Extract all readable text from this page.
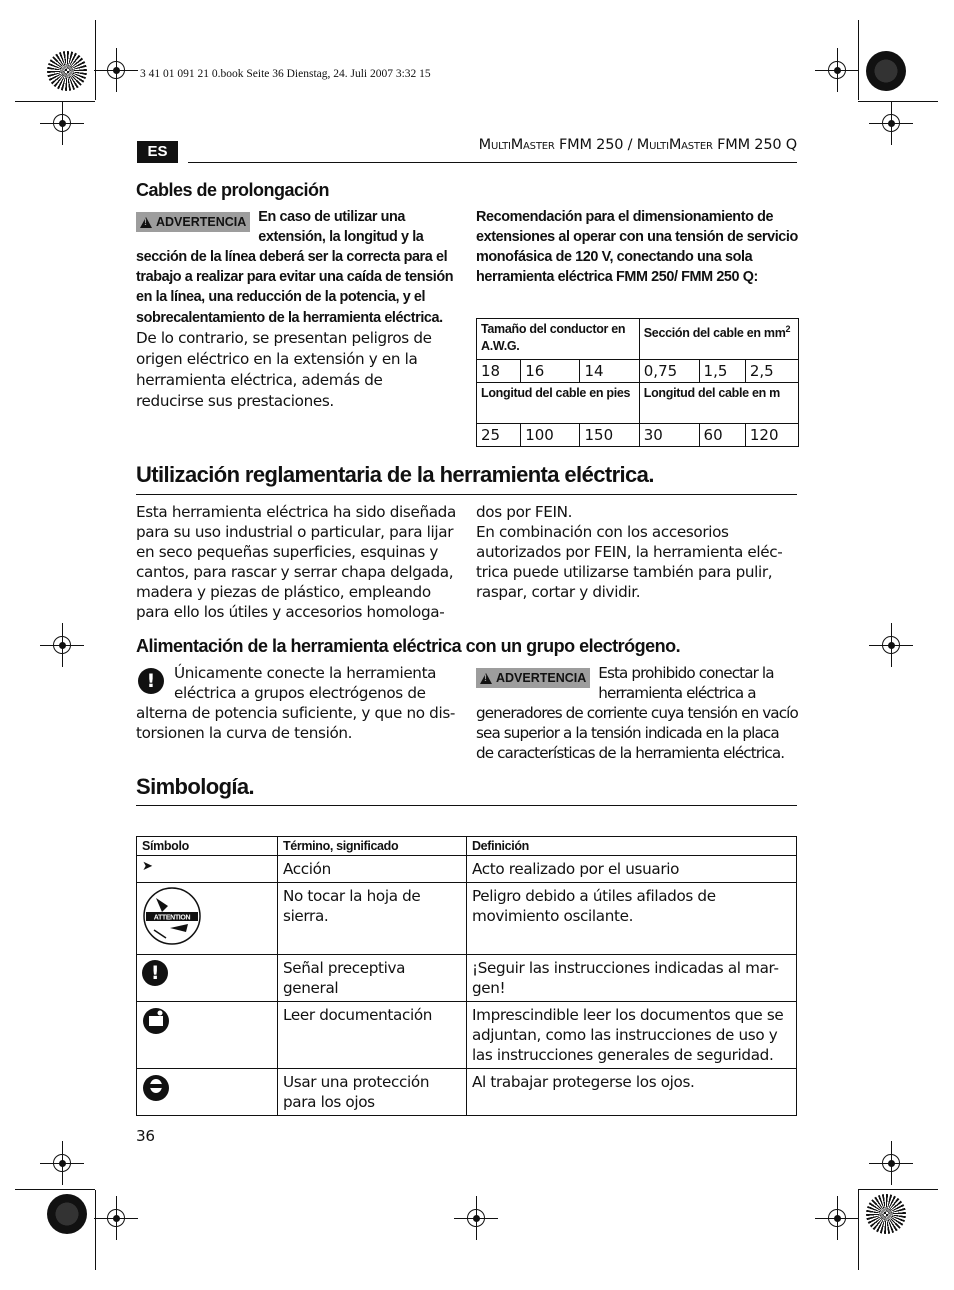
3 41 01 091 21 0.book Seite 36 Dienstag, 24. Juli 2007 3:32 15
ES	MultiMaster FMM 250 / MultiMaster FMM 250 Q
Cables de prolongación
!
ADVERTENCIA En caso de utilizar una extensión, la longitud y la sección de la línea deberá ser la correcta para el trabajo a realizar para evitar una caída de tensión en la línea, una reducción de la potencia, y el sobrecalentamiento de la herramienta eléctrica. De lo contrario, se presentan peligros de origen eléctrico en la extensión y en la herramienta eléctrica, además de reducirse sus prestaciones.
Recomendación para el dimensionamiento de extensiones al operar con una tensión de servicio monofásica de 120 V, conectando una sola herramienta eléctrica FMM 250/ FMM 250 Q:
Tamaño del conductor en A.W.G.			Sección del cable en $mm^2$
18	16	14	0,75	1,5	2,5
Longitud del cable en pies			Longitud del cable en m		
25	100	150	30	60	120
Utilización reglamentaria de la herramienta eléctrica.
Esta herramienta eléctrica ha sido diseñada para su uso industrial o particular, para lijar en seco pequeñas superficies, esquinas y cantos, para rascar y serrar chapa delgada, madera y piezas de plástico, empleando para ello los útiles y accesorios homologa-
dos por FEIN.
En combinación con los accesorios autorizados por FEIN, la herramienta eléc- trica puede utilizarse también para pulir, raspar, cortar y dividir.
Alimentación de la herramienta eléctrica con un grupo electrógeno.
!	Únicamente conecte la herramienta eléctrica a grupos electrógenos de alterna de potencia suficiente, y que no dis- torsionen la curva de tensión.
!
ADVERTENCIA Esta prohibido conectar la herramienta eléctrica a generadores de corriente cuya tensión en vacío sea superior a la tensión indicada en la placa de características de la herramienta eléctrica.
Simbología.
Símbolo	Término, significado	Definición
➤	Acción	Acto realizado por el usuario

ATTENTION	No tocar la hoja de sierra.	Peligro debido a útiles afilados de movimiento oscilante.

!	Señal preceptiva general	¡Seguir las instrucciones indicadas al mar- gen!
	Leer documentación	Imprescindible leer los documentos que se adjuntan, como las instrucciones de uso y las instrucciones generales de seguridad.
	Usar una protección para los ojos	Al trabajar protegerse los ojos.
36
